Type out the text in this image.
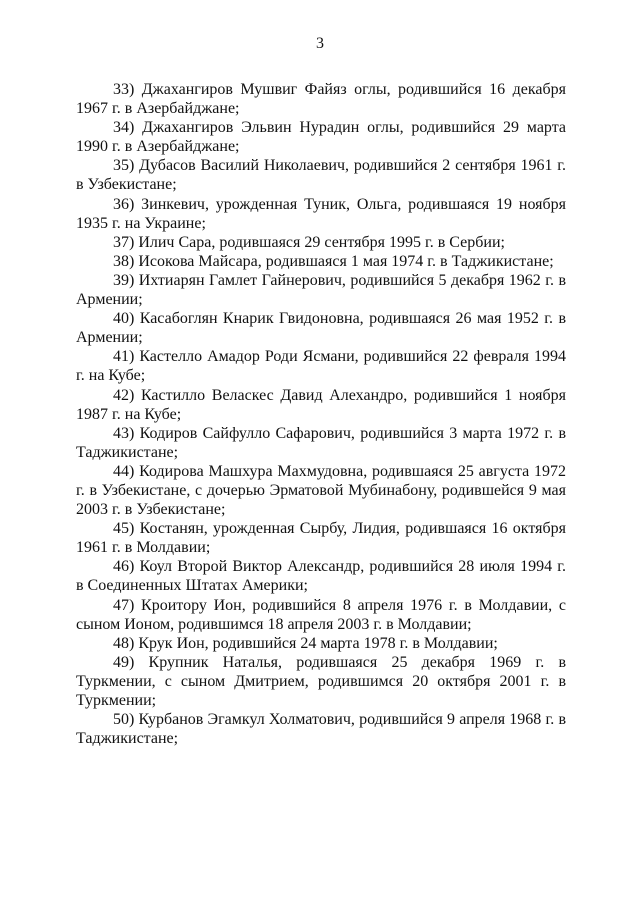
3

33) Джахангиров Мушвиг Файяз оглы, родившийся 16 декабря 1967 г. в Азербайджане;

34) Джахангиров Эльвин Нурадин оглы, родившийся 29 марта 1990 г. в Азербайджане;

35) Дубасов Василий Николаевич, родившийся 2 сентября 1961 г. в Узбекистане;

36) Зинкевич, урожденная Туник, Ольга, родившаяся 19 ноября 1935 г. на Украине;

37) Илич Сара, родившаяся 29 сентября 1995 г. в Сербии;

38) Исокова Майсара, родившаяся 1 мая 1974 г. в Таджикистане;

39) Ихтиарян Гамлет Гайнерович, родившийся 5 декабря 1962 г. в Армении;

40) Касабоглян Кнарик Гвидоновна, родившаяся 26 мая 1952 г. в Армении;

41) Кастелло Амадор Роди Ясмани, родившийся 22 февраля 1994 г. на Кубе;

42) Кастилло Веласкес Давид Алехандро, родившийся 1 ноября 1987 г. на Кубе;

43) Кодиров Сайфулло Сафарович, родившийся 3 марта 1972 г. в Таджикистане;

44) Кодирова Машхура Махмудовна, родившаяся 25 августа 1972 г. в Узбекистане, с дочерью Эрматовой Мубинабону, родившейся 9 мая 2003 г. в Узбекистане;

45) Костанян, урожденная Сырбу, Лидия, родившаяся 16 октября 1961 г. в Молдавии;

46) Коул Второй Виктор Александр, родившийся 28 июля 1994 г. в Соединенных Штатах Америки;

47) Кроитору Ион, родившийся 8 апреля 1976 г. в Молдавии, с сыном Ионом, родившимся 18 апреля 2003 г. в Молдавии;

48) Крук Ион, родившийся 24 марта 1978 г. в Молдавии;

49) Крупник Наталья, родившаяся 25 декабря 1969 г. в Туркмении, с сыном Дмитрием, родившимся 20 октября 2001 г. в Туркмении;

50) Курбанов Эгамкул Холматович, родившийся 9 апреля 1968 г. в Таджикистане;
